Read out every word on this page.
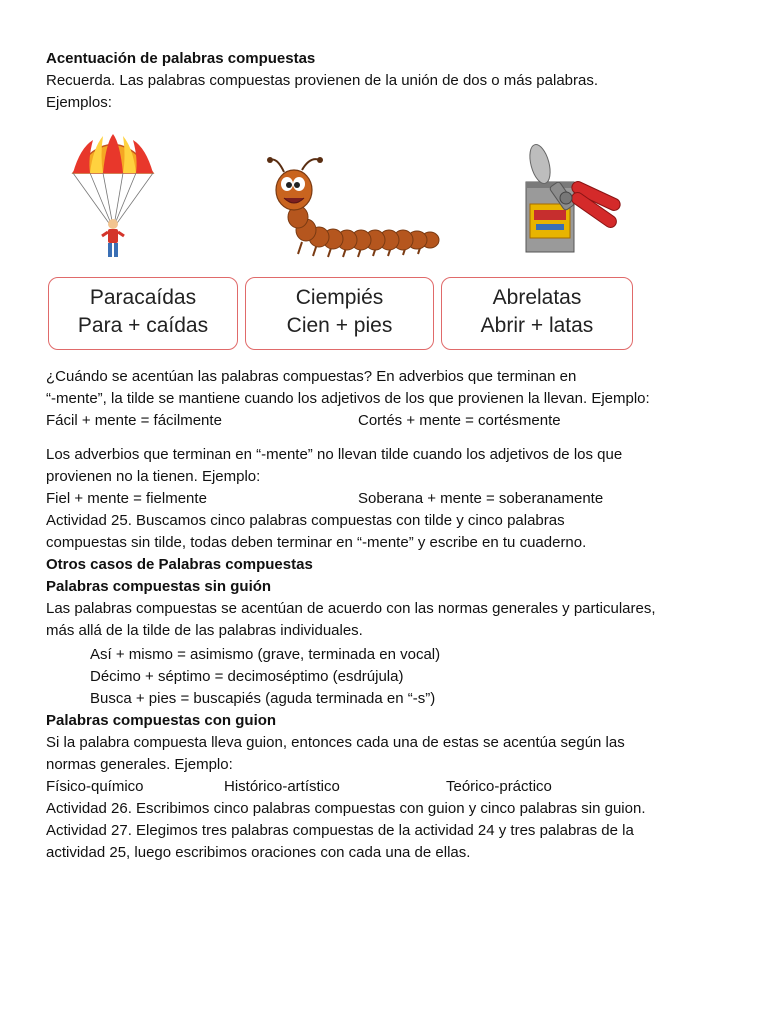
Acentuación de palabras compuestas
Recuerda. Las palabras compuestas provienen de la unión de dos o más palabras.
Ejemplos:
Paracaídas
Para + caídas
Ciempiés
Cien + pies
Abrelatas
Abrir + latas
¿Cuándo se acentúan las palabras compuestas? En adverbios que terminan en
“-mente”, la tilde se mantiene cuando los adjetivos de los que provienen la llevan. Ejemplo:
Fácil + mente = fácilmente	Cortés + mente = cortésmente
Los adverbios que terminan en “-mente” no llevan tilde cuando los adjetivos de los que
provienen no la tienen. Ejemplo:
Fiel + mente = fielmente	Soberana + mente = soberanamente
Actividad 25. Buscamos cinco palabras compuestas con tilde y cinco palabras
compuestas sin tilde, todas deben terminar en “-mente” y escribe en tu cuaderno.
Otros casos de Palabras compuestas
Palabras compuestas sin guión
Las palabras compuestas se acentúan de acuerdo con las normas generales y particulares,
más allá de la tilde de las palabras individuales.
Así + mismo = asimismo (grave, terminada en vocal)
Décimo + séptimo = decimoséptimo (esdrújula)
Busca + pies = buscapiés (aguda terminada en “-s”)
Palabras compuestas con guion
Si la palabra compuesta lleva guion, entonces cada una de estas se acentúa según las
normas generales. Ejemplo:
Físico-químico	Histórico-artístico	Teórico-práctico
Actividad 26. Escribimos cinco palabras compuestas con guion y cinco palabras sin guion.
Actividad 27. Elegimos tres palabras compuestas de la actividad 24 y tres palabras de la
actividad 25, luego escribimos oraciones con cada una de ellas.
